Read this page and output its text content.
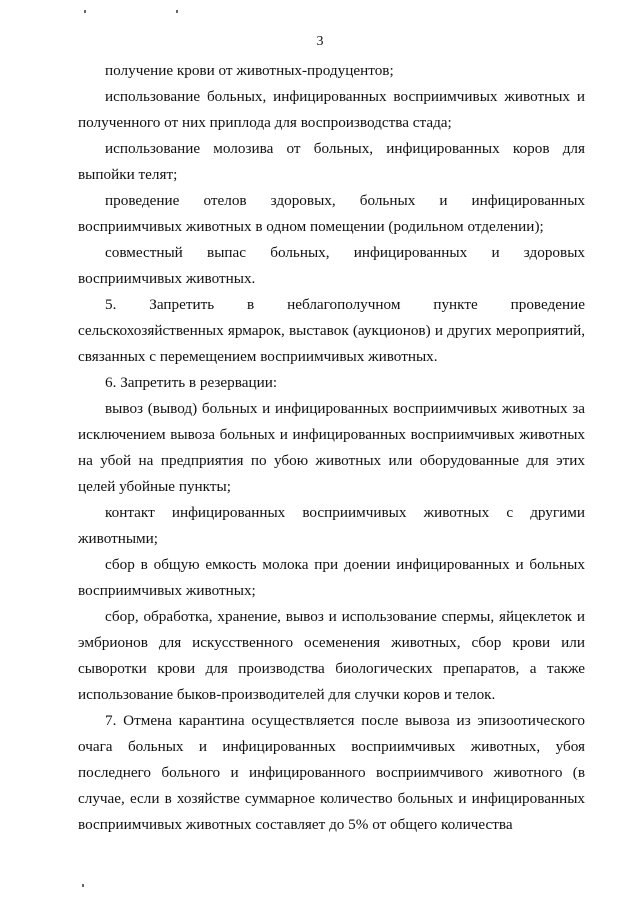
3

получение крови от животных-продуцентов;

использование больных, инфицированных восприимчивых животных и полученного от них приплода для воспроизводства стада;

использование молозива от больных, инфицированных коров для выпойки телят;

проведение отелов здоровых, больных и инфицированных восприимчивых животных в одном помещении (родильном отделении);

совместный выпас больных, инфицированных и здоровых восприимчивых животных.

5. Запретить в неблагополучном пункте проведение сельскохозяйственных ярмарок, выставок (аукционов) и других мероприятий, связанных с перемещением восприимчивых животных.

6. Запретить в резервации:

вывоз (вывод) больных и инфицированных восприимчивых животных за исключением вывоза больных и инфицированных восприимчивых животных на убой на предприятия по убою животных или оборудованные для этих целей убойные пункты;

контакт инфицированных восприимчивых животных с другими животными;

сбор в общую емкость молока при доении инфицированных и больных восприимчивых животных;

сбор, обработка, хранение, вывоз и использование спермы, яйцеклеток и эмбрионов для искусственного осеменения животных, сбор крови или сыворотки крови для производства биологических препаратов, а также использование быков-производителей для случки коров и телок.

7. Отмена карантина осуществляется после вывоза из эпизоотического очага больных и инфицированных восприимчивых животных, убоя последнего больного и инфицированного восприимчивого животного (в случае, если в хозяйстве суммарное количество больных и инфицированных восприимчивых животных составляет до 5% от общего количества
